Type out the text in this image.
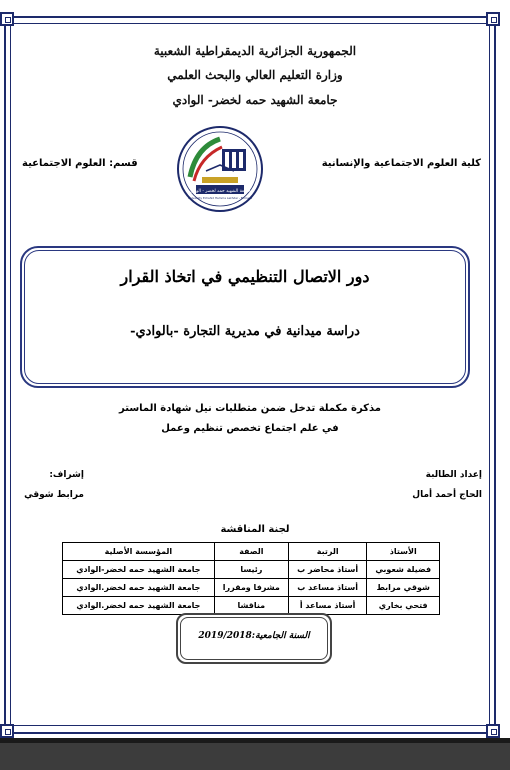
الجمهورية الجزائرية الديمقراطية الشعبية
وزارة التعليم العالي والبحث العلمي
جامعة الشهيد حمه لخضر- الوادي
كلية العلوم الاجتماعية والإنسانية
قسم: العلوم الاجتماعية
جامعة الشهيد حمه لخضر - الوادي
University Echahid Hamma Lakhdar - El-Oued
دور الاتصال التنظيمي في اتخاذ القرار
دراسة ميدانية في مديرية التجارة -بالوادي-
مذكرة مكملة تدخل ضمن متطلبات نيل شهادة الماستر
في علم اجتماع تخصص تنظيم وعمل
إعداد الطالبة
الحاج أحمد أمال
إشراف:
مرابط شوقي
لجنة المناقشة
الأستاذ	الرتبة	الصفة	المؤسسة الأصلية
فضيلة شعوبي	أستاذ محاضر ب	رئيسا	جامعة الشهيد حمه لخضر-الوادي
شوقي مرابط	أستاذ مساعد ب	مشرفا ومقررا	جامعة الشهيد حمه لخضر.الوادي
فتحي بخاري	أستاذ مساعد أ	مناقشا	جامعة الشهيد حمه لخضر.الوادي
السنة الجامعية:2019/2018
